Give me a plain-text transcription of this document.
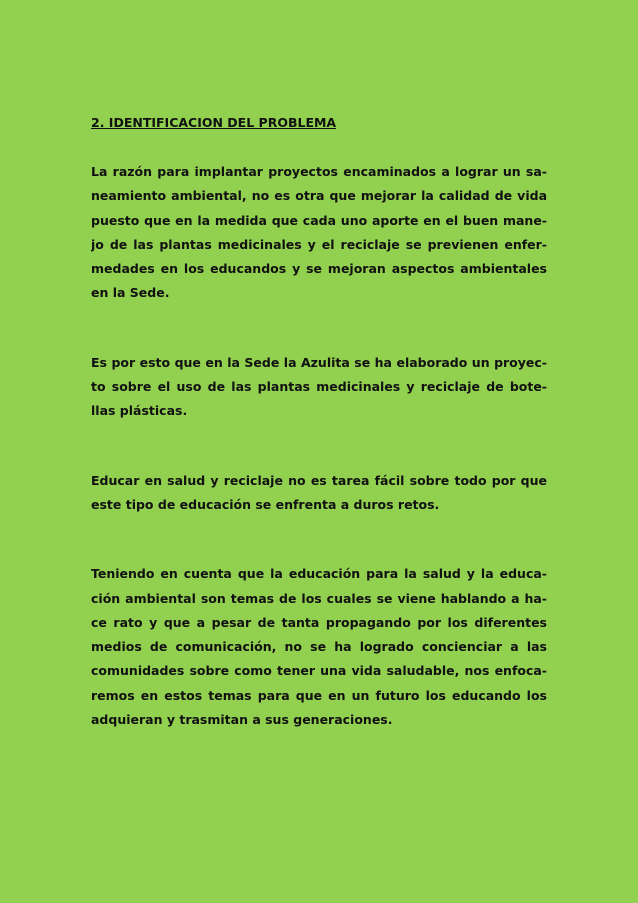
2. IDENTIFICACION DEL PROBLEMA
La razón para implantar proyectos encaminados a lograr un sa-
neamiento ambiental, no es otra que mejorar la calidad de vida
puesto que en la medida que cada uno aporte en el buen mane-
jo de las plantas medicinales y el reciclaje se previenen enfer-
medades en los educandos y se mejoran aspectos ambientales
en la Sede.
Es por esto que en la Sede la Azulita se ha elaborado un proyec-
to sobre el uso de las plantas medicinales y reciclaje de bote-
llas plásticas.
Educar en salud y reciclaje no es tarea fácil sobre todo por que
este tipo de educación se enfrenta a duros retos.
Teniendo en cuenta que la educación para la salud y la educa-
ción ambiental son temas de los cuales se viene hablando a ha-
ce rato y que a pesar de tanta propagando por los diferentes
medios de comunicación, no se ha logrado concienciar a las
comunidades sobre como tener una vida saludable, nos enfoca-
remos en estos temas para que en un futuro los educando los
adquieran y trasmitan a sus generaciones.
